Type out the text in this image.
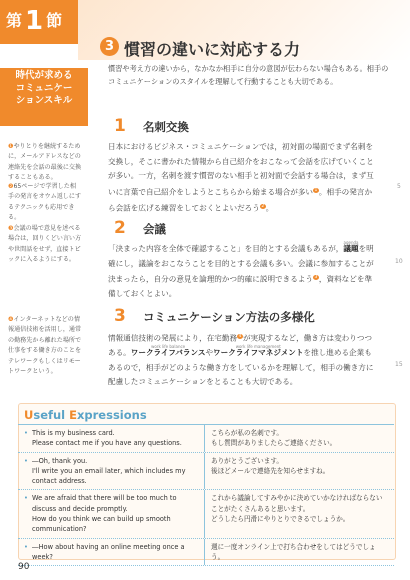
第1 節
3 慣習の違いに対応する力
慣習や考え方の違いから，なかなか相手に自分の意図が伝わらない場合もある。相手のコミュニケーションのスタイルを理解して行動することも大切である。
時代が求める
コミュニケー
ションスキル
❶やりとりを継続するために，メールアドレスなどの連絡先を会話の最後に交換することもある。
❷65ページで学習した相手の発言をオウム返しにするテクニックも応用できる。
❸会議の場で意見を述べる場合は，回りくどい言い方や世間話をせず，直接トピックに入るようにする。
❹インターネットなどの情報通信技術を活用し，通常の勤務先から離れた場所で仕事をする働き方のことをテレワークもしくはリモートワークという。
1 名刺交換
日本におけるビジネス・コミュニケーションでは，初対面の場面でまず名刺を交換し，そこに書かれた情報から自己紹介をおこなって会話を広げていくことが多い。一方，名刺を渡す慣習のない相手と初対面で会話する場合は，まず互いに言葉で自己紹介をしようとこちらから始まる場合が多い $^1$ 。相手の発言から会話を広げる練習をしておくとよいだろう $^2$ 。
2 会議
「決まった内容を全体で確認すること」を目的とする会議もあるが，
agenda
議題を明確にし，議論をおこなうことを目的とする会議も多い。会議に参加することが決まったら，自分の意見を論理的かつ的確に説明できるよう $^3$ ，資料などを準備しておくとよい。
3 コミュニケーション方法の多様化
情報通信技術の発展により，在宅勤務 $^4$ が実現するなど，働き方は変わりつつある。
work life balance
ワークライフバランスや
work life management
ワークライフマネジメントを推し進める企業もあるので，相手がどのような働き方をしているかを理解して，相手の働き方に配慮したコミュニケーションをとることも大切である。
5
10
15
Useful Expressions
• This is my business card.
Please contact me if you have any questions.
こちらが私の名刺です。
もし質問がありましたらご連絡ください。
• ―Oh, thank you.
I'll write you an email later, which includes my contact address.
ありがとうございます。
後ほどメールで連絡先を知らせますね。
• We are afraid that there will be too much to discuss and decide promptly.
How do you think we can build up smooth communication?
これから議論してすみやかに決めていかなければならないことがたくさんあると思います。
どうしたら円滑にやりとりできるでしょうか。
• ―How about having an online meeting once a week?
週に一度オンライン上で打ち合わせをしてはどうでしょう。
90
